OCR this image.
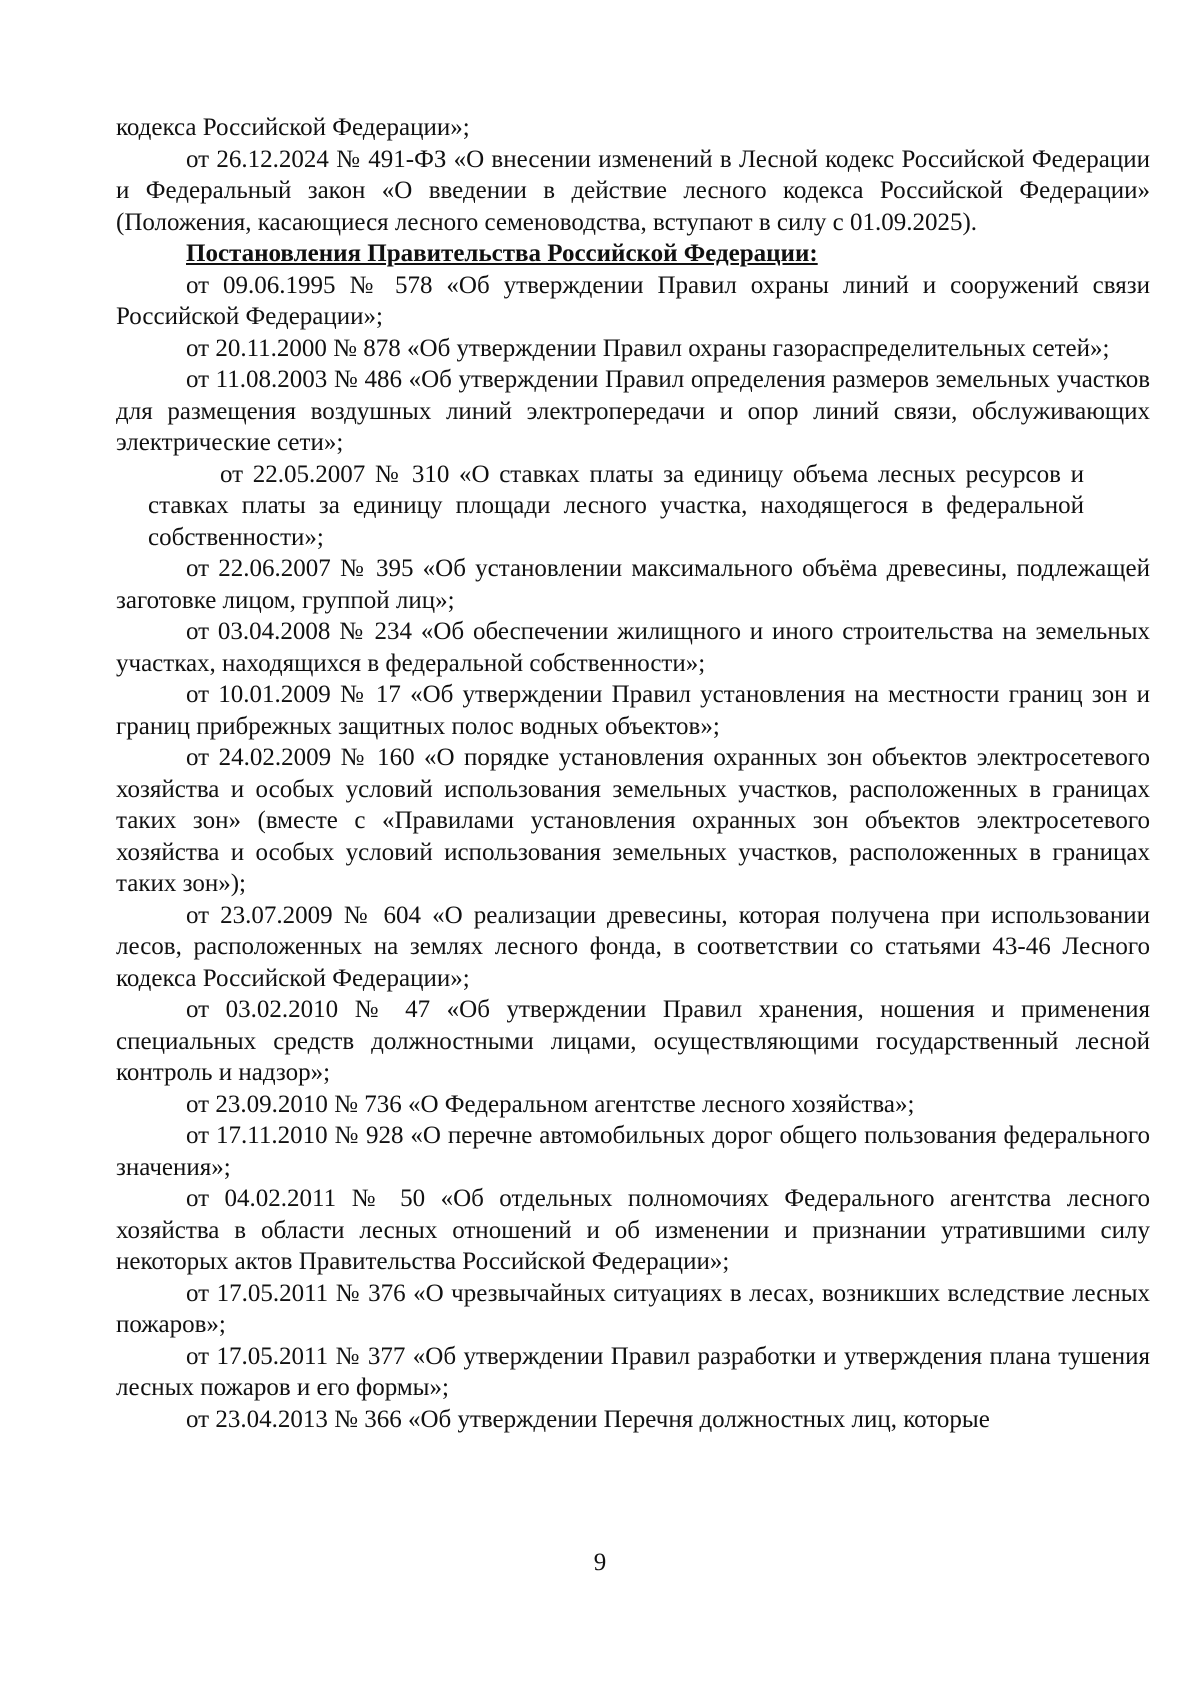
кодекса Российской Федерации»;

от 26.12.2024 № 491-ФЗ «О внесении изменений в Лесной кодекс Российской Федерации и Федеральный закон «О введении в действие лесного кодекса Российской Федерации» (Положения, касающиеся лесного семеноводства, вступают в силу с 01.09.2025).

Постановления Правительства Российской Федерации:

от 09.06.1995 № 578 «Об утверждении Правил охраны линий и сооружений связи Российской Федерации»;

от 20.11.2000 № 878 «Об утверждении Правил охраны газораспределительных сетей»;

от 11.08.2003 № 486 «Об утверждении Правил определения размеров земельных участков для размещения воздушных линий электропередачи и опор линий связи, обслуживающих электрические сети»;

от 22.05.2007 № 310 «О ставках платы за единицу объема лесных ресурсов и ставках платы за единицу площади лесного участка, находящегося в федеральной собственности»;

от 22.06.2007 № 395 «Об установлении максимального объёма древесины, подлежащей заготовке лицом, группой лиц»;

от 03.04.2008 № 234 «Об обеспечении жилищного и иного строительства на земельных участках, находящихся в федеральной собственности»;

от 10.01.2009 № 17 «Об утверждении Правил установления на местности границ зон и границ прибрежных защитных полос водных объектов»;

от 24.02.2009 № 160 «О порядке установления охранных зон объектов электросетевого хозяйства и особых условий использования земельных участков, расположенных в границах таких зон» (вместе с «Правилами установления охранных зон объектов электросетевого хозяйства и особых условий использования земельных участков, расположенных в границах таких зон»);

от 23.07.2009 № 604 «О реализации древесины, которая получена при использовании лесов, расположенных на землях лесного фонда, в соответствии со статьями 43-46 Лесного кодекса Российской Федерации»;

от 03.02.2010 № 47 «Об утверждении Правил хранения, ношения и применения специальных средств должностными лицами, осуществляющими государственный лесной контроль и надзор»;

от 23.09.2010 № 736 «О Федеральном агентстве лесного хозяйства»;

от 17.11.2010 № 928 «О перечне автомобильных дорог общего пользования федерального значения»;

от 04.02.2011 № 50 «Об отдельных полномочиях Федерального агентства лесного хозяйства в области лесных отношений и об изменении и признании утратившими силу некоторых актов Правительства Российской Федерации»;

от 17.05.2011 № 376 «О чрезвычайных ситуациях в лесах, возникших вследствие лесных пожаров»;

от 17.05.2011 № 377 «Об утверждении Правил разработки и утверждения плана тушения лесных пожаров и его формы»;

от 23.04.2013 № 366 «Об утверждении Перечня должностных лиц, которые

9
